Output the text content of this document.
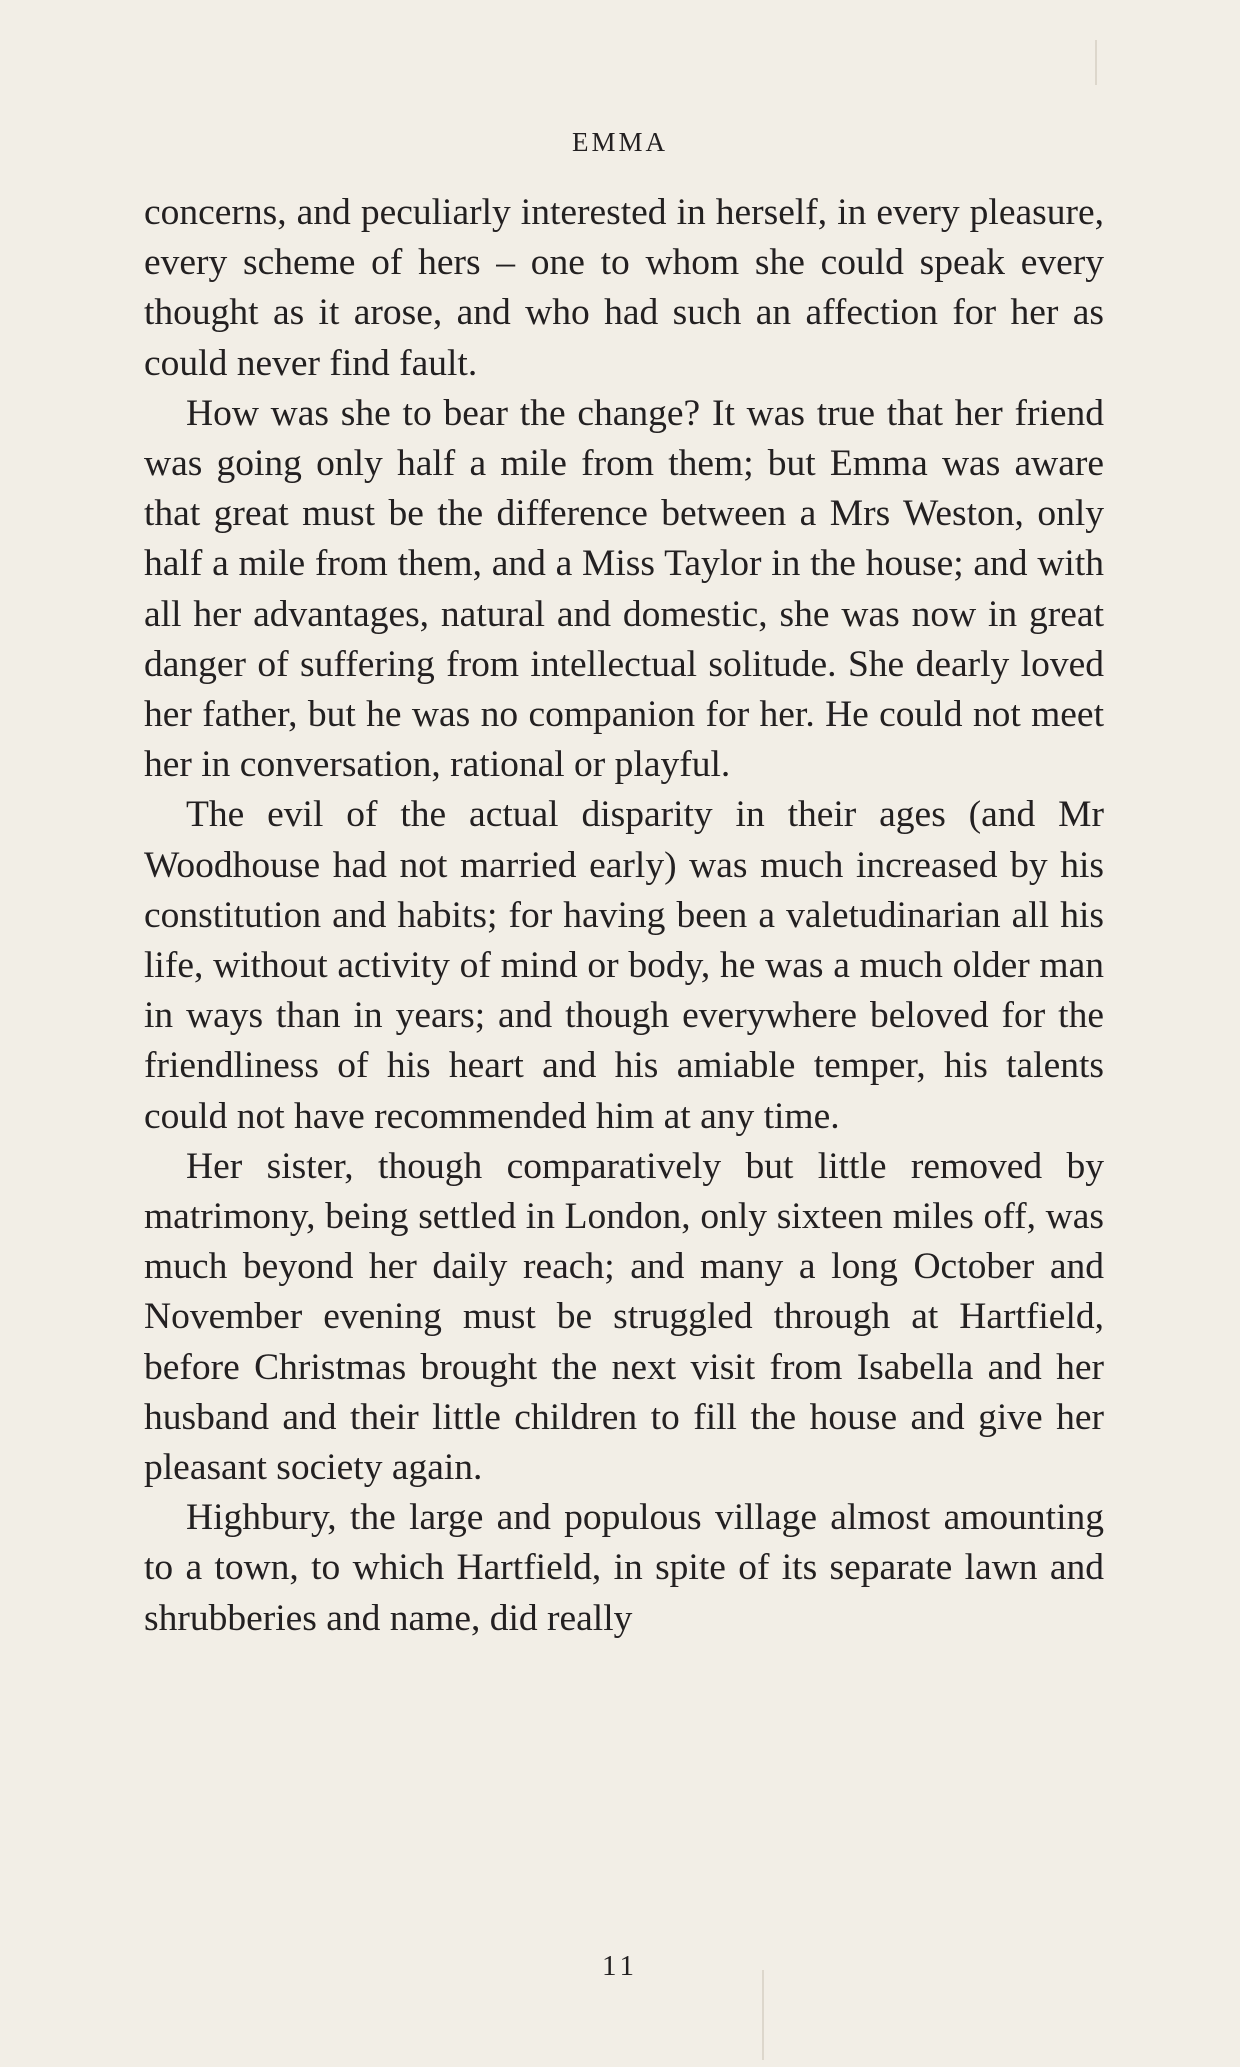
EMMA

concerns, and peculiarly interested in herself, in every pleasure, every scheme of hers – one to whom she could speak every thought as it arose, and who had such an affection for her as could never find fault.

How was she to bear the change? It was true that her friend was going only half a mile from them; but Emma was aware that great must be the difference between a Mrs Weston, only half a mile from them, and a Miss Taylor in the house; and with all her advantages, natural and domestic, she was now in great danger of suffering from intellectual solitude. She dearly loved her father, but he was no companion for her. He could not meet her in conversation, rational or playful.

The evil of the actual disparity in their ages (and Mr Woodhouse had not married early) was much increased by his constitution and habits; for having been a valetudinarian all his life, without activity of mind or body, he was a much older man in ways than in years; and though everywhere beloved for the friendliness of his heart and his amiable temper, his talents could not have recommended him at any time.

Her sister, though comparatively but little removed by matrimony, being settled in London, only sixteen miles off, was much beyond her daily reach; and many a long October and November evening must be struggled through at Hartfield, before Christmas brought the next visit from Isabella and her husband and their little children to fill the house and give her pleasant society again.

Highbury, the large and populous village almost amounting to a town, to which Hartfield, in spite of its separate lawn and shrubberies and name, did really

11
